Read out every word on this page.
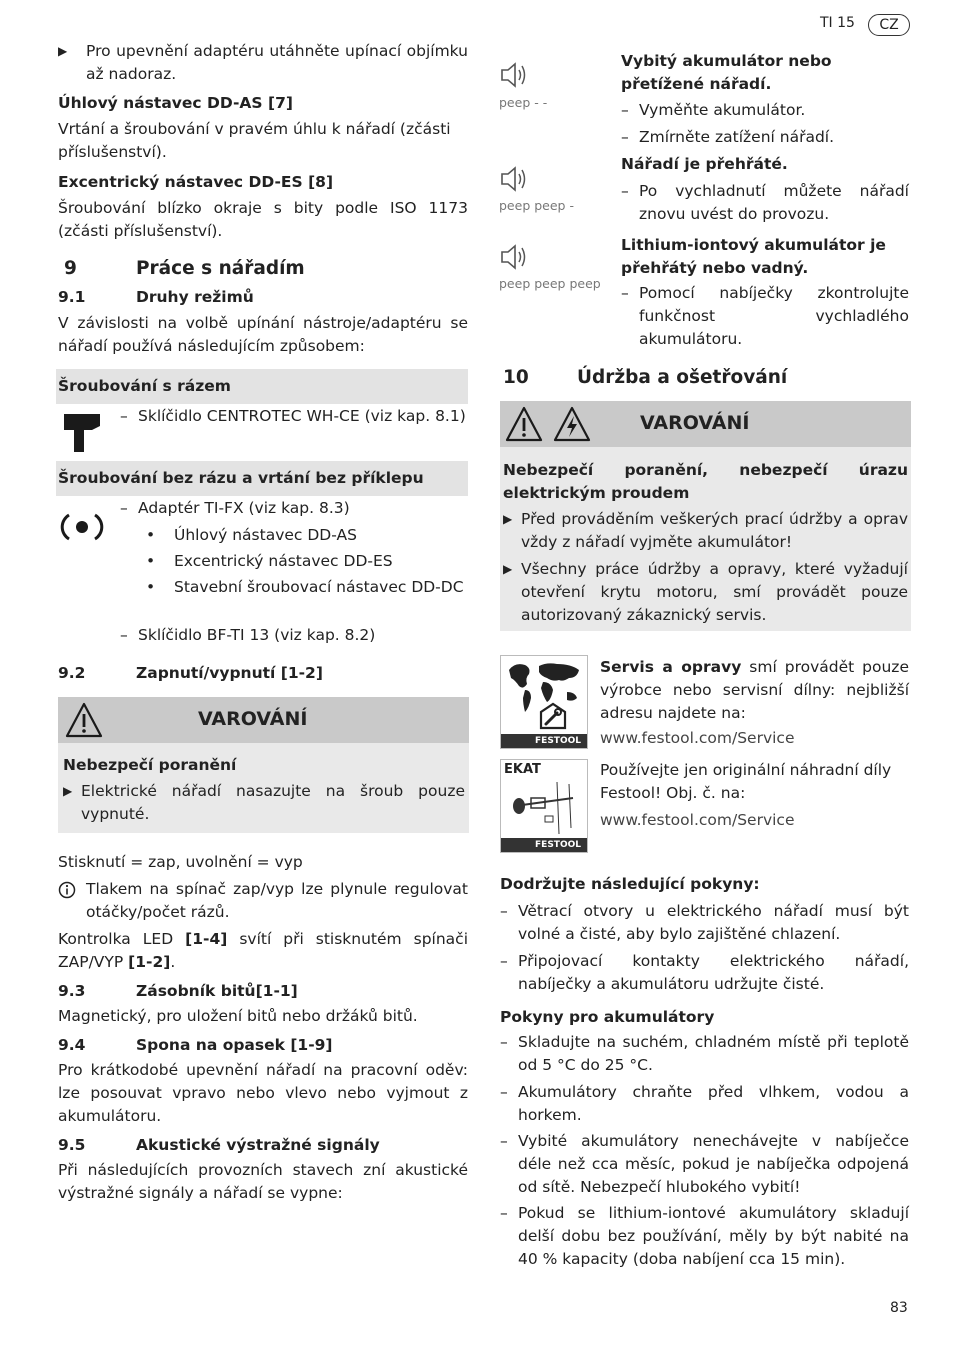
TI 15	CZ
▶ Pro upevnění adaptéru utáhněte upínací objímku až nadoraz.
Úhlový nástavec DD-AS [7]
Vrtání a šroubování v pravém úhlu k nářadí (zčásti příslušenství).
Excentrický nástavec DD-ES [8]
Šroubování blízko okraje s bity podle ISO 1173 (zčásti příslušenství).
9	Práce s nářadím
9.1	Druhy režimů
V závislosti na volbě upínání nástroje/adaptéru se nářadí používá následujícím způsobem:
Šroubování s rázem
– Sklíčidlo CENTROTEC WH-CE (viz kap. 8.1)
Šroubování bez rázu a vrtání bez příklepu
– Adaptér TI-FX (viz kap. 8.3)
• Úhlový nástavec DD-AS
• Excentrický nástavec DD-ES
• Stavební šroubovací nástavec DD-DC
– Sklíčidlo BF-TI 13 (viz kap. 8.2)
9.2	Zapnutí/vypnutí [1-2]
VAROVÁNÍ
Nebezpečí poranění
▶ Elektrické nářadí nasazujte na šroub pouze vypnuté.
Stisknutí = zap, uvolnění = vyp
Tlakem na spínač zap/vyp lze plynule regulovat otáčky/počet rázů.
Kontrolka LED [1-4] svítí při stisknutém spínači ZAP/VYP [1-2].
9.3	Zásobník bitů[1-1]
Magnetický, pro uložení bitů nebo držáků bitů.
9.4	Spona na opasek [1-9]
Pro krátkodobé upevnění nářadí na pracovní oděv: lze posouvat vpravo nebo vlevo nebo vyjmout z akumulátoru.
9.5	Akustické výstražné signály
Při následujících provozních stavech zní akustické výstražné signály a nářadí se vypne:
peep - -
Vybitý akumulátor nebo přetížené nářadí.
– Vyměňte akumulátor.
– Zmírněte zatížení nářadí.
peep peep -
Nářadí je přehřáté.
– Po vychladnutí můžete nářadí znovu uvést do provozu.
peep peep peep
Lithium-iontový akumulátor je přehřátý nebo vadný.
– Pomocí nabíječky zkontrolujte funkčnost vychladlého akumulátoru.
10	Údržba a ošetřování
VAROVÁNÍ
Nebezpečí poranění, nebezpečí úrazu elektrickým proudem
▶ Před prováděním veškerých prací údržby a oprav vždy z nářadí vyjměte akumulátor!
▶ Všechny práce údržby a opravy, které vyžadují otevření krytu motoru, smí provádět pouze autorizovaný zákaznický servis.
FESTOOL
Servis a opravy smí provádět pouze výrobce nebo servisní dílny: nejbližší adresu najdete na:
www.festool.com/Service
EKAT
FESTOOL
Používejte jen originální náhradní díly Festool! Obj. č. na:
www.festool.com/Service
Dodržujte následující pokyny:
– Větrací otvory u elektrického nářadí musí být volné a čisté, aby bylo zajištěné chlazení.
– Připojovací kontakty elektrického nářadí, nabíječky a akumulátoru udržujte čisté.
Pokyny pro akumulátory
– Skladujte na suchém, chladném místě při teplotě od 5 °C do 25 °C.
– Akumulátory chraňte před vlhkem, vodou a horkem.
– Vybité akumulátory nenechávejte v nabíječce déle než cca měsíc, pokud je nabíječka odpojená od sítě. Nebezpečí hlubokého vybití!
– Pokud se lithium-iontové akumulátory skladují delší dobu bez používání, měly by být nabité na 40 % kapacity (doba nabíjení cca 15 min).
83
